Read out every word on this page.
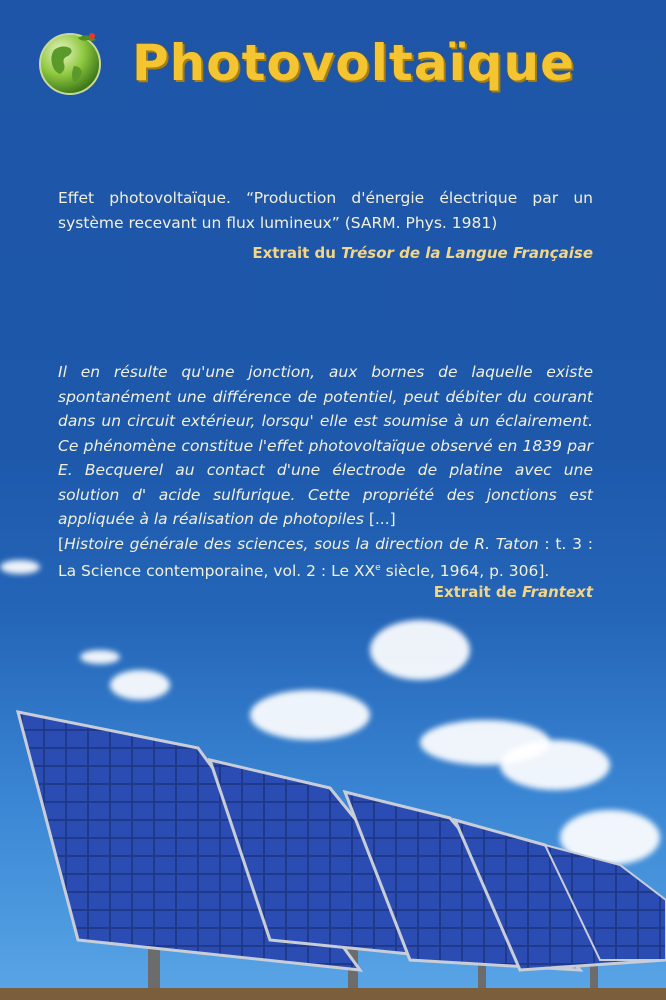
Photovoltaïque
Effet photovoltaïque. “Production d'énergie électrique par un système recevant un flux lumineux” (SARM. Phys. 1981)
Extrait du Trésor de la Langue Française
Il en résulte qu'une jonction, aux bornes de laquelle existe spontanément une différence de potentiel, peut débiter du courant dans un circuit extérieur, lorsqu' elle est soumise à un éclairement. Ce phénomène constitue l'effet photovoltaïque observé en 1839 par E. Becquerel au contact d'une électrode de platine avec une solution d' acide sulfurique. Cette propriété des jonctions est appliquée à la réalisation de photopiles [...]
[Histoire générale des sciences, sous la direction de R. Taton : t. 3 : La Science contemporaine, vol. 2 : Le XXe siècle, 1964, p. 306].
Extrait de Frantext
